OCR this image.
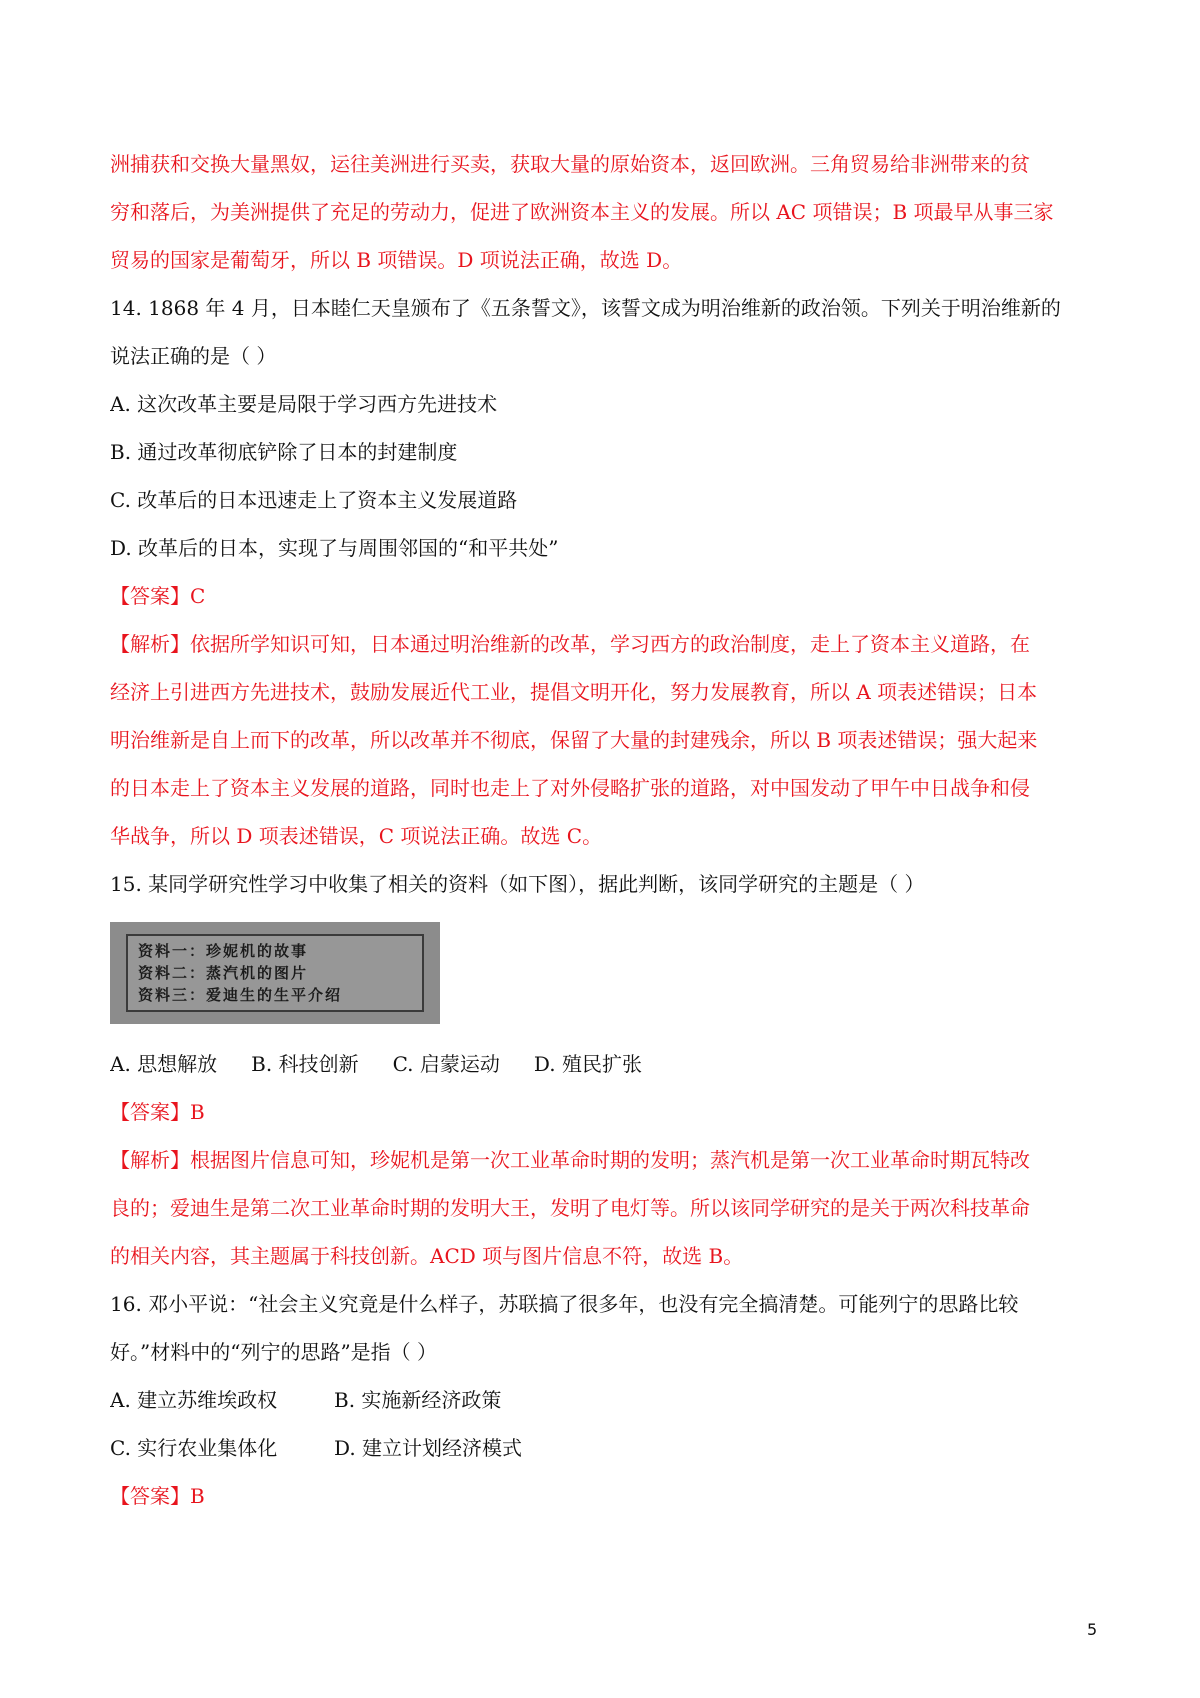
洲捕获和交换大量黑奴，运往美洲进行买卖，获取大量的原始资本，返回欧洲。三角贸易给非洲带来的贫
穷和落后，为美洲提供了充足的劳动力，促进了欧洲资本主义的发展。所以 AC 项错误；B 项最早从事三家
贸易的国家是葡萄牙，所以 B 项错误。D 项说法正确，故选 D。
14. 1868 年 4 月，日本睦仁天皇颁布了《五条誓文》，该誓文成为明治维新的政治领。下列关于明治维新的
说法正确的是（ ）
A. 这次改革主要是局限于学习西方先进技术
B. 通过改革彻底铲除了日本的封建制度
C. 改革后的日本迅速走上了资本主义发展道路
D. 改革后的日本，实现了与周围邻国的“和平共处”
【答案】C
【解析】依据所学知识可知，日本通过明治维新的改革，学习西方的政治制度，走上了资本主义道路，在
经济上引进西方先进技术，鼓励发展近代工业，提倡文明开化，努力发展教育，所以 A 项表述错误；日本
明治维新是自上而下的改革，所以改革并不彻底，保留了大量的封建残余，所以 B 项表述错误；强大起来
的日本走上了资本主义发展的道路，同时也走上了对外侵略扩张的道路，对中国发动了甲午中日战争和侵
华战争，所以 D 项表述错误，C 项说法正确。故选 C。
15. 某同学研究性学习中收集了相关的资料（如下图），据此判断，该同学研究的主题是（ ）
资料一：珍妮机的故事
资料二：蒸汽机的图片
资料三：爱迪生的生平介绍
A. 思想解放 B. 科技创新 C. 启蒙运动 D. 殖民扩张
【答案】B
【解析】根据图片信息可知，珍妮机是第一次工业革命时期的发明；蒸汽机是第一次工业革命时期瓦特改
良的；爱迪生是第二次工业革命时期的发明大王，发明了电灯等。所以该同学研究的是关于两次科技革命
的相关内容，其主题属于科技创新。ACD 项与图片信息不符，故选 B。
16. 邓小平说：“社会主义究竟是什么样子，苏联搞了很多年，也没有完全搞清楚。可能列宁的思路比较
好。”材料中的“列宁的思路”是指（ ）
A. 建立苏维埃政权	B. 实施新经济政策
C. 实行农业集体化	D. 建立计划经济模式
【答案】B
5
